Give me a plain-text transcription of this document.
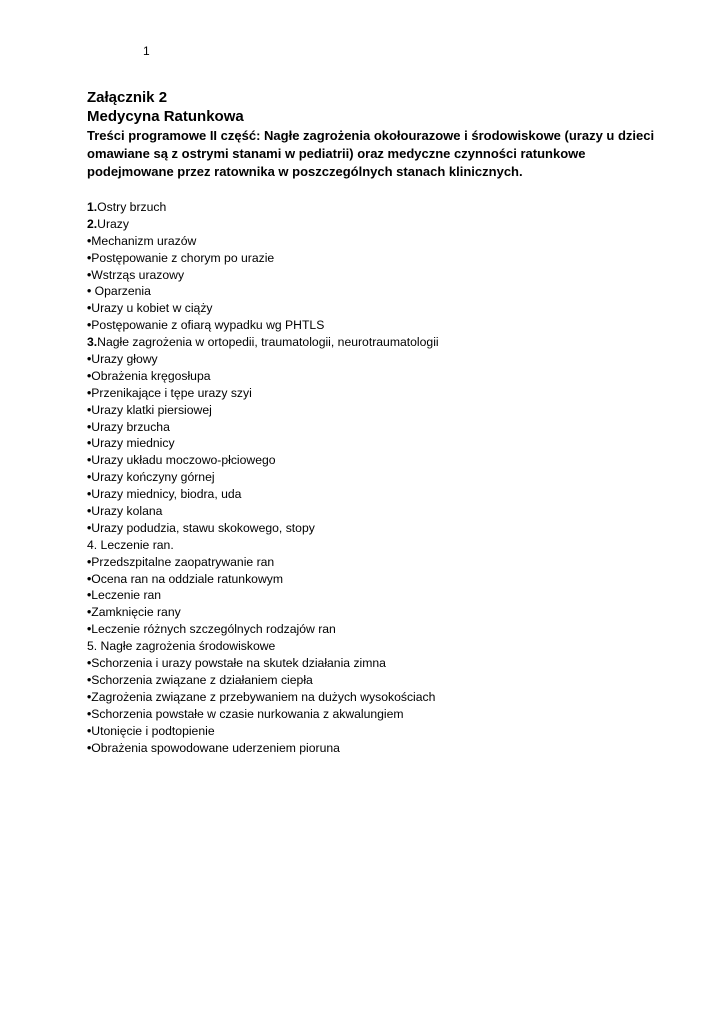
1
Załącznik 2
Medycyna Ratunkowa
Treści programowe II część: Nagłe zagrożenia okołourazowe i środowiskowe (urazy u dzieci omawiane są z ostrymi stanami w pediatrii) oraz medyczne czynności ratunkowe podejmowane przez ratownika w poszczególnych stanach klinicznych.
1.Ostry brzuch
2.Urazy
•Mechanizm urazów
•Postępowanie z chorym po urazie
•Wstrząs urazowy
• Oparzenia
•Urazy u kobiet w ciąży
•Postępowanie z ofiarą wypadku wg PHTLS
3.Nagłe zagrożenia w ortopedii, traumatologii, neurotraumatologii
•Urazy głowy
•Obrażenia kręgosłupa
•Przenikające i tępe urazy szyi
•Urazy klatki piersiowej
•Urazy brzucha
•Urazy miednicy
•Urazy układu moczowo-płciowego
•Urazy kończyny górnej
•Urazy miednicy, biodra, uda
•Urazy kolana
•Urazy podudzia, stawu skokowego, stopy
4. Leczenie ran.
•Przedszpitalne zaopatrywanie ran
•Ocena ran na oddziale ratunkowym
•Leczenie ran
•Zamknięcie rany
•Leczenie różnych szczególnych rodzajów ran
5. Nagłe zagrożenia środowiskowe
•Schorzenia i urazy powstałe na skutek działania zimna
•Schorzenia związane z działaniem ciepła
•Zagrożenia związane z przebywaniem na dużych wysokościach
•Schorzenia powstałe w czasie nurkowania z akwalungiem
•Utonięcie i podtopienie
•Obrażenia spowodowane uderzeniem pioruna
